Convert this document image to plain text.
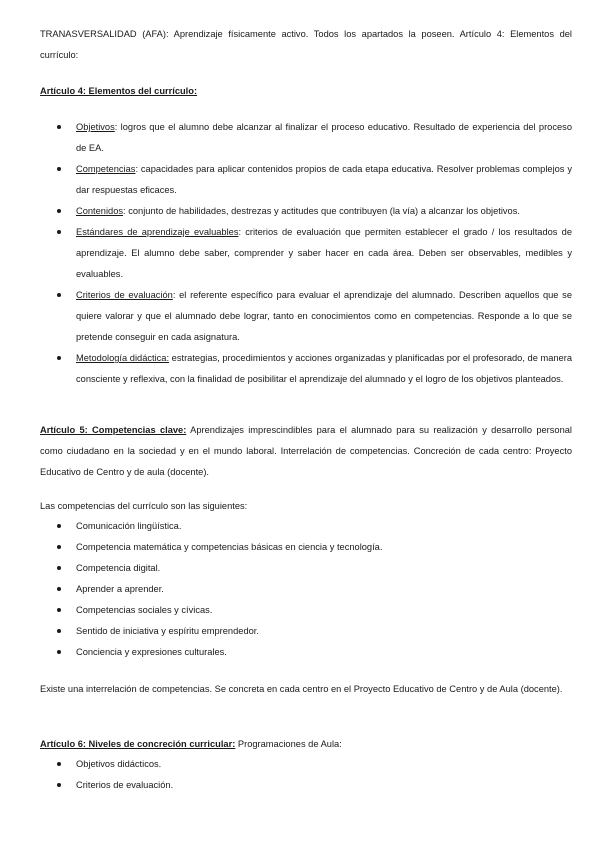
TRANASVERSALIDAD (AFA): Aprendizaje físicamente activo. Todos los apartados la poseen. Artículo 4: Elementos del currículo:
Artículo 4: Elementos del currículo:
Objetivos: logros que el alumno debe alcanzar al finalizar el proceso educativo. Resultado de experiencia del proceso de EA.
Competencias: capacidades para aplicar contenidos propios de cada etapa educativa. Resolver problemas complejos y dar respuestas eficaces.
Contenidos: conjunto de habilidades, destrezas y actitudes que contribuyen (la vía) a alcanzar los objetivos.
Estándares de aprendizaje evaluables: criterios de evaluación que permiten establecer el grado / los resultados de aprendizaje. El alumno debe saber, comprender y saber hacer en cada área. Deben ser observables, medibles y evaluables.
Criterios de evaluación: el referente específico para evaluar el aprendizaje del alumnado. Describen aquellos que se quiere valorar y que el alumnado debe lograr, tanto en conocimientos como en competencias. Responde a lo que se pretende conseguir en cada asignatura.
Metodología didáctica: estrategias, procedimientos y acciones organizadas y planificadas por el profesorado, de manera consciente y reflexiva, con la finalidad de posibilitar el aprendizaje del alumnado y el logro de los objetivos planteados.
Artículo 5: Competencias clave: Aprendizajes imprescindibles para el alumnado para su realización y desarrollo personal como ciudadano en la sociedad y en el mundo laboral. Interrelación de competencias. Concreción de cada centro: Proyecto Educativo de Centro y de aula (docente).
Las competencias del currículo son las siguientes:
Comunicación lingüística.
Competencia matemática y competencias básicas en ciencia y tecnología.
Competencia digital.
Aprender a aprender.
Competencias sociales y cívicas.
Sentido de iniciativa y espíritu emprendedor.
Conciencia y expresiones culturales.
Existe una interrelación de competencias. Se concreta en cada centro en el Proyecto Educativo de Centro y de Aula (docente).
Artículo 6: Niveles de concreción curricular: Programaciones de Aula:
Objetivos didácticos.
Criterios de evaluación.
